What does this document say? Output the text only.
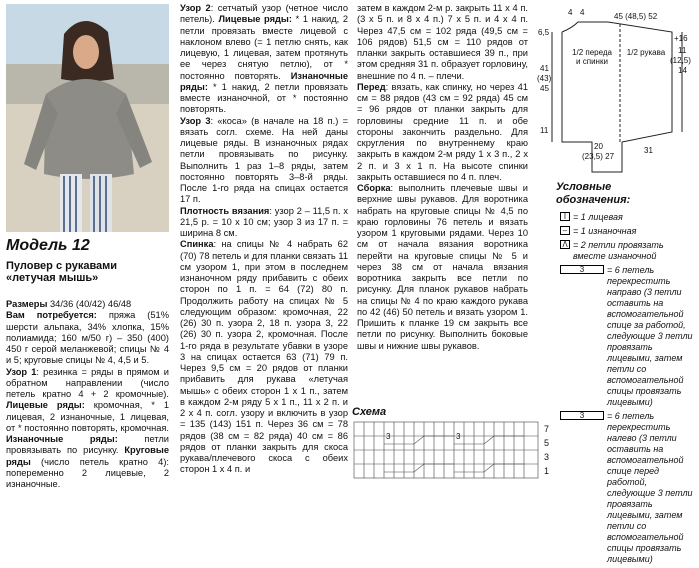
Модель 12
Пуловер с рукавами «летучая мышь»

Размеры 34/36 (40/42) 46/48

Вам потребуется: пряжа (51% шерсти альпака, 34% хлопка, 15% полиамида; 160 м/50 г) – 350 (400) 450 г серой меланжевой; спицы № 4 и 5; круговые спицы № 4, 4,5 и 5.

Узор 1: резинка = ряды в прямом и обратном направлении (число петель кратно 4 + 2 кромочные). Лицевые ряды: кромочная, * 1 лицевая, 2 изнаночные, 1 лицевая, от * постоянно повторять, кромочная. Изнаночные ряды: петли провязывать по рисунку. Круговые ряды (число петель кратно 4): попеременно 2 лицевые, 2 изнаночные.

Узор 2: сетчатый узор (четное число петель). Лицевые ряды: * 1 накид, 2 петли провязать вместе лицевой с наклоном влево (= 1 петлю снять, как лицевую, 1 лицевая, затем протянуть ее через снятую петлю), от * постоянно повторять. Изнаночные ряды: * 1 накид, 2 петли провязать вместе изнаночной, от * постоянно повторять.

Узор 3: «коса» (в начале на 18 п.) = вязать согл. схеме. На ней даны лицевые ряды. В изнаночных рядах петли провязывать по рисунку. Выполнить 1 раз 1–8 ряды, затем постоянно повторять 3–8-й ряды. После 1-го ряда на спицах остается 17 п.

Плотность вязания: узор 2 – 11,5 п. х 21,5 р. = 10 х 10 см; узор 3 из 17 п. = ширина 8 см.

Спинка: на спицы № 4 набрать 62 (70) 78 петель и для планки связать 11 см узором 1, при этом в последнем изнаночном ряду прибавить с обеих сторон по 1 п. = 64 (72) 80 п. Продолжить работу на спицах № 5 следующим образом: кромочная, 22 (26) 30 п. узора 2, 18 п. узора 3, 22 (26) 30 п. узора 2, кромочная. После 1-го ряда в результате убавки в узоре 3 на спицах остается 63 (71) 79 п. Через 9,5 см = 20 рядов от планки прибавить для рукава «летучая мышь» с обеих сторон 1 х 1 п., затем в каждом 2-м ряду 5 х 1 п., 11 х 2 п. и 2 х 4 п. согл. узору и включить в узор = 135 (143) 151 п. Через 36 см = 78 рядов (38 см = 82 ряда) 40 см = 86 рядов от планки закрыть для скоса рукава/плечевого скоса с обеих сторон 1 х 4 п. и

затем в каждом 2-м р. закрыть 11 х 4 п. (3 х 5 п. и 8 х 4 п.) 7 х 5 п. и 4 х 4 п. Через 47,5 см = 102 ряда (49,5 см = 106 рядов) 51,5 см = 110 рядов от планки закрыть оставшиеся 39 п., при этом средняя 31 п. образует горловину, внешние по 4 п. – плечи.

Перед: вязать, как спинку, но через 41 см = 88 рядов (43 см = 92 ряда) 45 см = 96 рядов от планки закрыть для горловины средние 11 п. и обе стороны закончить раздельно. Для скругления по внутреннему краю закрыть в каждом 2-м ряду 1 х 3 п., 2 х 2 п. и 3 х 1 п. На высоте спинки закрыть оставшиеся по 4 п. плеч.

Сборка: выполнить плечевые швы и верхние швы рукавов. Для воротника набрать на круговые спицы № 4,5 по краю горловины 76 петель и вязать узором 1 круговыми рядами. Через 10 см от начала вязания воротника перейти на круговые спицы № 5 и через 38 см от начала вязания воротника закрыть все петли по рисунку. Для планок рукавов набрать на спицы № 4 по краю каждого рукава по 42 (46) 50 петель и вязать узором 1. Пришить к планке 19 см закрыть все петли по рисунку. Выполнить боковые швы и нижние швы рукавов.

Схема
7
5
3
1
3	3
4 4	45 (48,5) 52
6,5
41
(43)
45
11
1/2 переда и спинки
1/2 рукава
+16
11
(12,5)
14
20
(23,5) 27
31
Условные обозначения:
I = 1 лицевая
– = 1 изнаночная
Λ = 2 петли провязать вместе изнаночной
3	= 6 петель перекрестить направо (3 петли оставить на вспомогательной спице за работой, следующие 3 петли провязать лицевыми, затем петли со вспомогательной спицы провязать лицевыми)
3	= 6 петель перекрестить налево (3 петли оставить на вспомогательной спице перед работой, следующие 3 петли провязать лицевыми, затем петли со вспомогательной спицы провязать лицевыми)
